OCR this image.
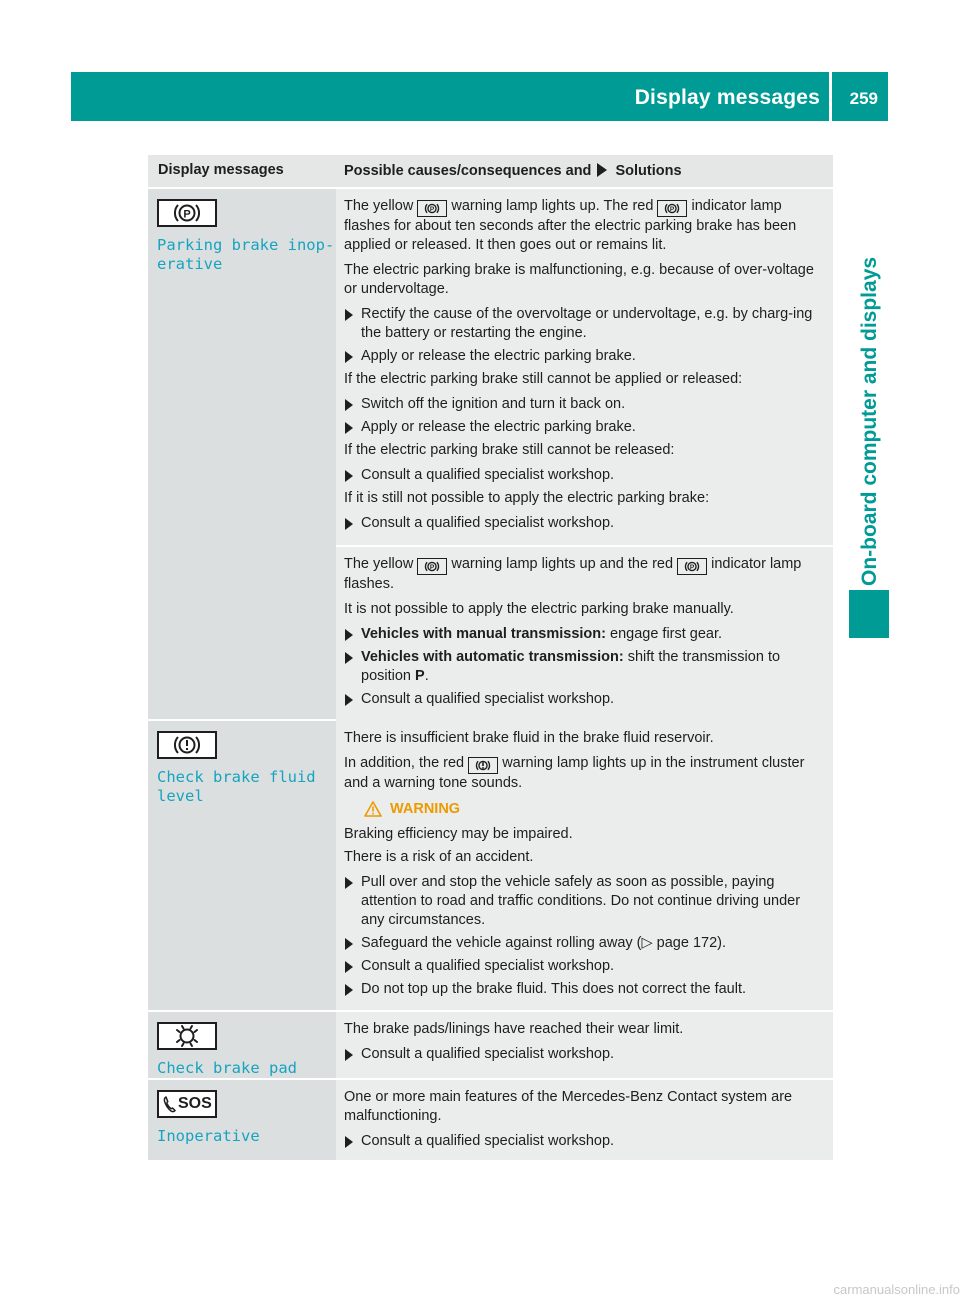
Display messages 259
On-board computer and displays
Display messages	Possible causes/consequences and Solutions
P
Parking brake inop‐
erative

The yellow P warning lamp lights up. The red P indicator lamp flashes for about ten seconds after the electric parking brake has been applied or released. It then goes out or remains lit.

The electric parking brake is malfunctioning, e.g. because of over-voltage or undervoltage.

Rectify the cause of the overvoltage or undervoltage, e.g. by charg-ing the battery or restarting the engine.
Apply or release the electric parking brake.

If the electric parking brake still cannot be applied or released:

Switch off the ignition and turn it back on.
Apply or release the electric parking brake.

If the electric parking brake still cannot be released:

Consult a qualified specialist workshop.

If it is still not possible to apply the electric parking brake:

Consult a qualified specialist workshop.

The yellow P warning lamp lights up and the red P indicator lamp flashes.

It is not possible to apply the electric parking brake manually.

Vehicles with manual transmission: engage first gear.
Vehicles with automatic transmission: shift the transmission to position P.
Consult a qualified specialist workshop.
Check brake fluid
level

There is insufficient brake fluid in the brake fluid reservoir.

In addition, the red	warning lamp lights up in the instrument cluster and a warning tone sounds.

WARNING

Braking efficiency may be impaired.

There is a risk of an accident.

Pull over and stop the vehicle safely as soon as possible, paying attention to road and traffic conditions. Do not continue driving under any circumstances.
Safeguard the vehicle against rolling away (▷ page 172).
Consult a qualified specialist workshop.
Do not top up the brake fluid. This does not correct the fault.
Check brake pad

The brake pads/linings have reached their wear limit.

Consult a qualified specialist workshop.
SOS
Inoperative

One or more main features of the Mercedes-Benz Contact system are malfunctioning.

Consult a qualified specialist workshop.
carmanualsonline.info
